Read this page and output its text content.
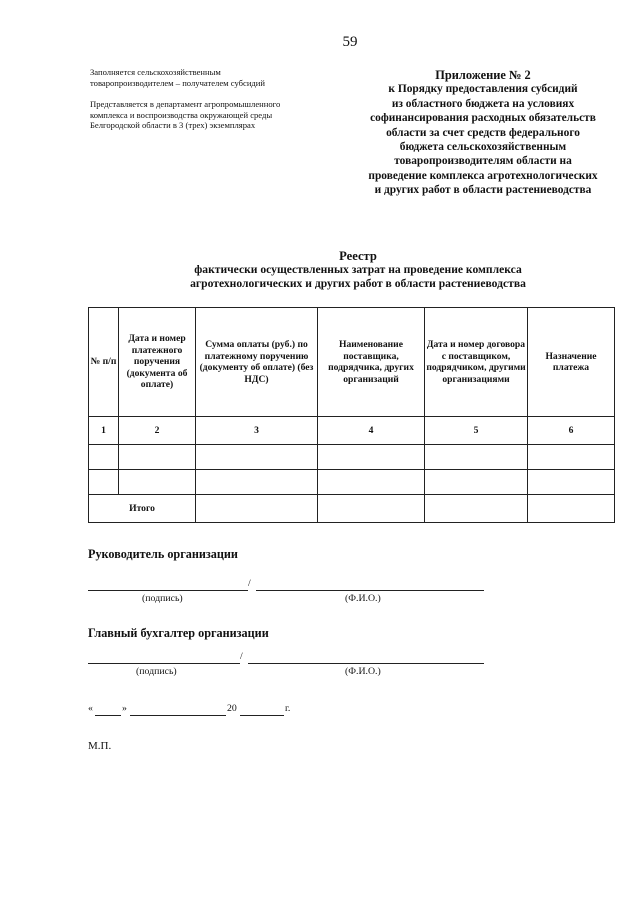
59
Заполняется сельскохозяйственным
товаропроизводителем – получателем субсидий
Представляется в департамент агропромышленного
комплекса и воспроизводства окружающей среды
Белгородской области в 3 (трех) экземплярах
Приложение № 2
к Порядку предоставления субсидий
из областного бюджета на условиях
софинансирования расходных обязательств
области за счет средств федерального
бюджета сельскохозяйственным
товаропроизводителям области на
проведение комплекса агротехнологических
и других работ в области растениеводства
Реестр
фактически осуществленных затрат на проведение комплекса
агротехнологических и других работ в области растениеводства
№ п/п	Дата и номер платежного поручения (документа об оплате)	Сумма оплаты (руб.) по платежному поручению (документу об оплате) (без НДС)	Наименование поставщика, подрядчика, других организаций	Дата и номер договора с поставщиком, подрядчиком, другими организациями	Назначение платежа
1	2	3	4	5	6

Итого					
Руководитель организации
/
(подпись)	(Ф.И.О.)
Главный бухгалтер организации
/
(подпись)	(Ф.И.О.)
«	»	20	г.
М.П.
